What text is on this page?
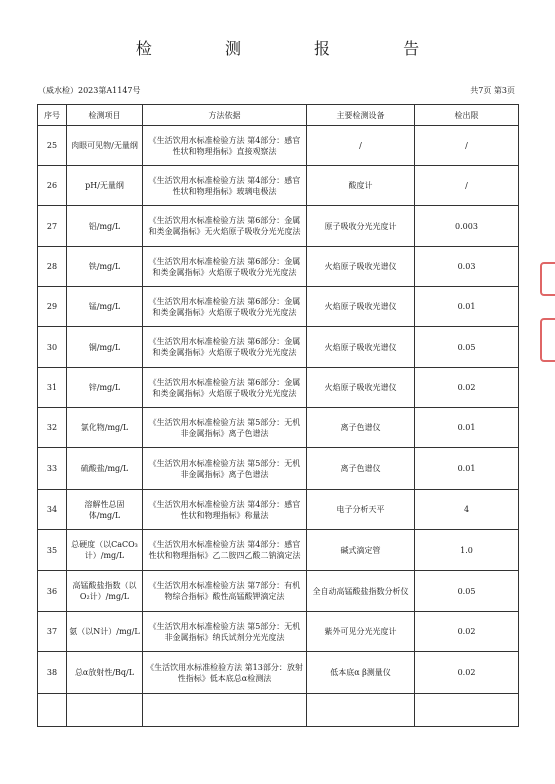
检 测 报 告
（威水检）2023第A1147号	共7页 第3页
序号	检测项目	方法依据	主要检测设备	检出限
25	肉眼可见物/无量纲	《生活饮用水标准检验方法 第4部分：感官性状和物理指标》直接观察法	/	/
26	pH/无量纲	《生活饮用水标准检验方法 第4部分：感官性状和物理指标》玻璃电极法	酸度计	/
27	铝/mg/L	《生活饮用水标准检验方法 第6部分：金属和类金属指标》无火焰原子吸收分光光度法	原子吸收分光光度计	0.003
28	铁/mg/L	《生活饮用水标准检验方法 第6部分：金属和类金属指标》火焰原子吸收分光光度法	火焰原子吸收光谱仪	0.03
29	锰/mg/L	《生活饮用水标准检验方法 第6部分：金属和类金属指标》火焰原子吸收分光光度法	火焰原子吸收光谱仪	0.01
30	铜/mg/L	《生活饮用水标准检验方法 第6部分：金属和类金属指标》火焰原子吸收分光光度法	火焰原子吸收光谱仪	0.05
31	锌/mg/L	《生活饮用水标准检验方法 第6部分：金属和类金属指标》火焰原子吸收分光光度法	火焰原子吸收光谱仪	0.02
32	氯化物/mg/L	《生活饮用水标准检验方法 第5部分：无机非金属指标》离子色谱法	离子色谱仪	0.01
33	硫酸盐/mg/L	《生活饮用水标准检验方法 第5部分：无机非金属指标》离子色谱法	离子色谱仪	0.01
34	溶解性总固体/mg/L	《生活饮用水标准检验方法 第4部分：感官性状和物理指标》称量法	电子分析天平	4
35	总硬度（以CaCO₃计）/mg/L	《生活饮用水标准检验方法 第4部分：感官性状和物理指标》乙二胺四乙酸二钠滴定法	碱式滴定管	1.0
36	高锰酸盐指数（以O₂计）/mg/L	《生活饮用水标准检验方法 第7部分：有机物综合指标》酸性高锰酸钾滴定法	全自动高锰酸盐指数分析仪	0.05
37	氨（以N计）/mg/L	《生活饮用水标准检验方法 第5部分：无机非金属指标》纳氏试剂分光光度法	紫外可见分光光度计	0.02
38	总α放射性/Bq/L	《生活饮用水标准检验方法 第13部分：放射性指标》低本底总α检测法	低本底α β测量仪	0.02
